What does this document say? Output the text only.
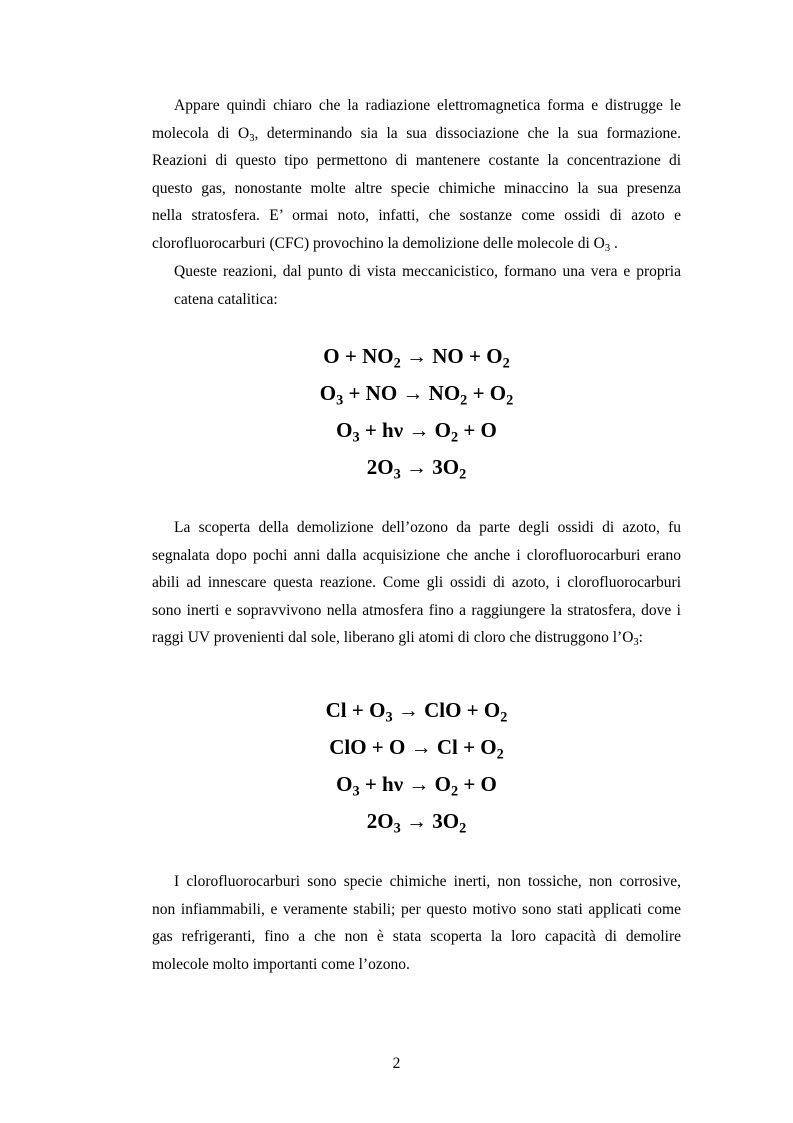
Appare quindi chiaro che la radiazione elettromagnetica forma e distrugge le
molecola di $O_3$, determinando sia la sua dissociazione che la sua formazione.
Reazioni di questo tipo permettono di mantenere costante la concentrazione di
questo gas, nonostante molte altre specie chimiche minaccino la sua presenza
nella stratosfera. E’ ormai noto, infatti, che sostanze come ossidi di azoto e
clorofluorocarburi (CFC) provochino la demolizione delle molecole di $O_3$ .
Queste reazioni, dal punto di vista meccanicistico, formano una vera e propria
catena catalitica:
$O + NO_2$ → NO + $O_2$
$O_3$ + NO → $NO_2 + O_2$
$O_3 + h\nu \to O_2 + O$
$2O_3 \to 3O_2$
La scoperta della demolizione dell’ozono da parte degli ossidi di azoto, fu
segnalata dopo pochi anni dalla acquisizione che anche i clorofluorocarburi erano
abili ad innescare questa reazione. Come gli ossidi di azoto, i clorofluorocarburi
sono inerti e sopravvivono nella atmosfera fino a raggiungere la stratosfera, dove i
raggi UV provenienti dal sole, liberano gli atomi di cloro che distruggono $l’O_3$:
$Cl + O_3$ → ClO + $O_2$
ClO + $O \to Cl + O_2$
$O_3 + h\nu \to O_2 + O$
$2O_3 \to 3O_2$
I clorofluorocarburi sono specie chimiche inerti, non tossiche, non corrosive,
non infiammabili, e veramente stabili; per questo motivo sono stati applicati come
gas refrigeranti, fino a che non è stata scoperta la loro capacità di demolire
molecole molto importanti come l’ozono.
2
